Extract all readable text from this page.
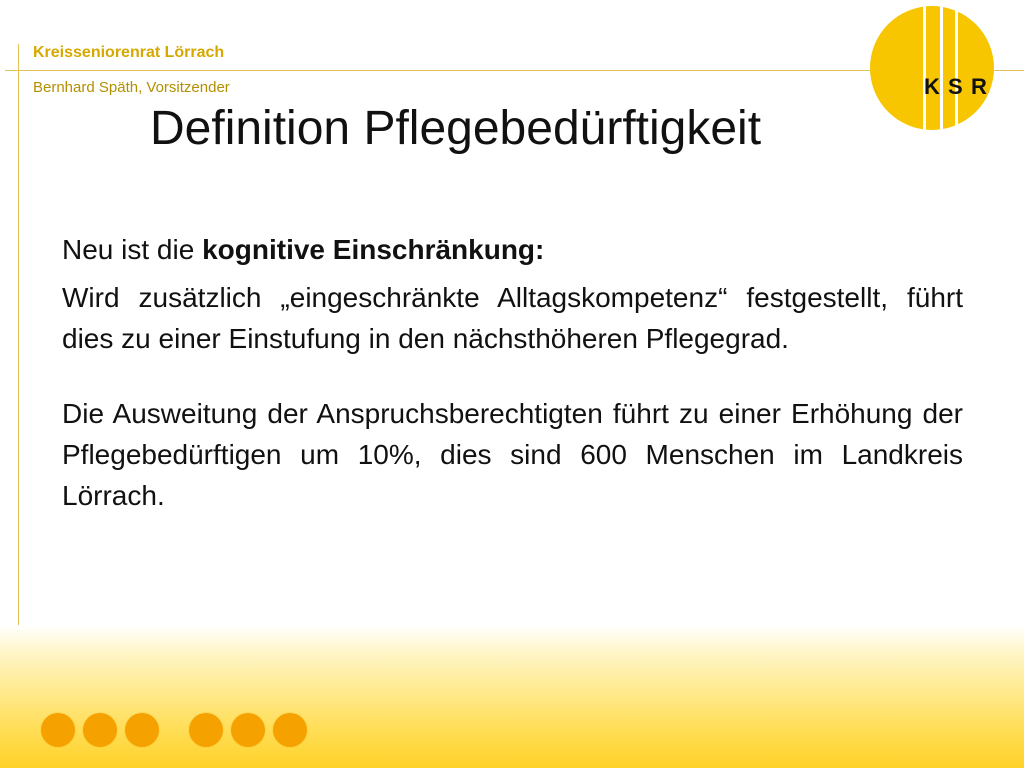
Kreisseniorenrat Lörrach
Bernhard Späth, Vorsitzender	K S R
Definition Pflegebedürftigkeit

Neu ist die kognitive Einschränkung:

Wird zusätzlich „eingeschränkte Alltagskompetenz“ festgestellt, führt dies zu einer Einstufung in den nächsthöheren Pflegegrad.

Die Ausweitung der Anspruchsberechtigten führt zu einer Erhöhung der Pflegebedürftigen um 10%, dies sind 600 Menschen im Landkreis Lörrach.
